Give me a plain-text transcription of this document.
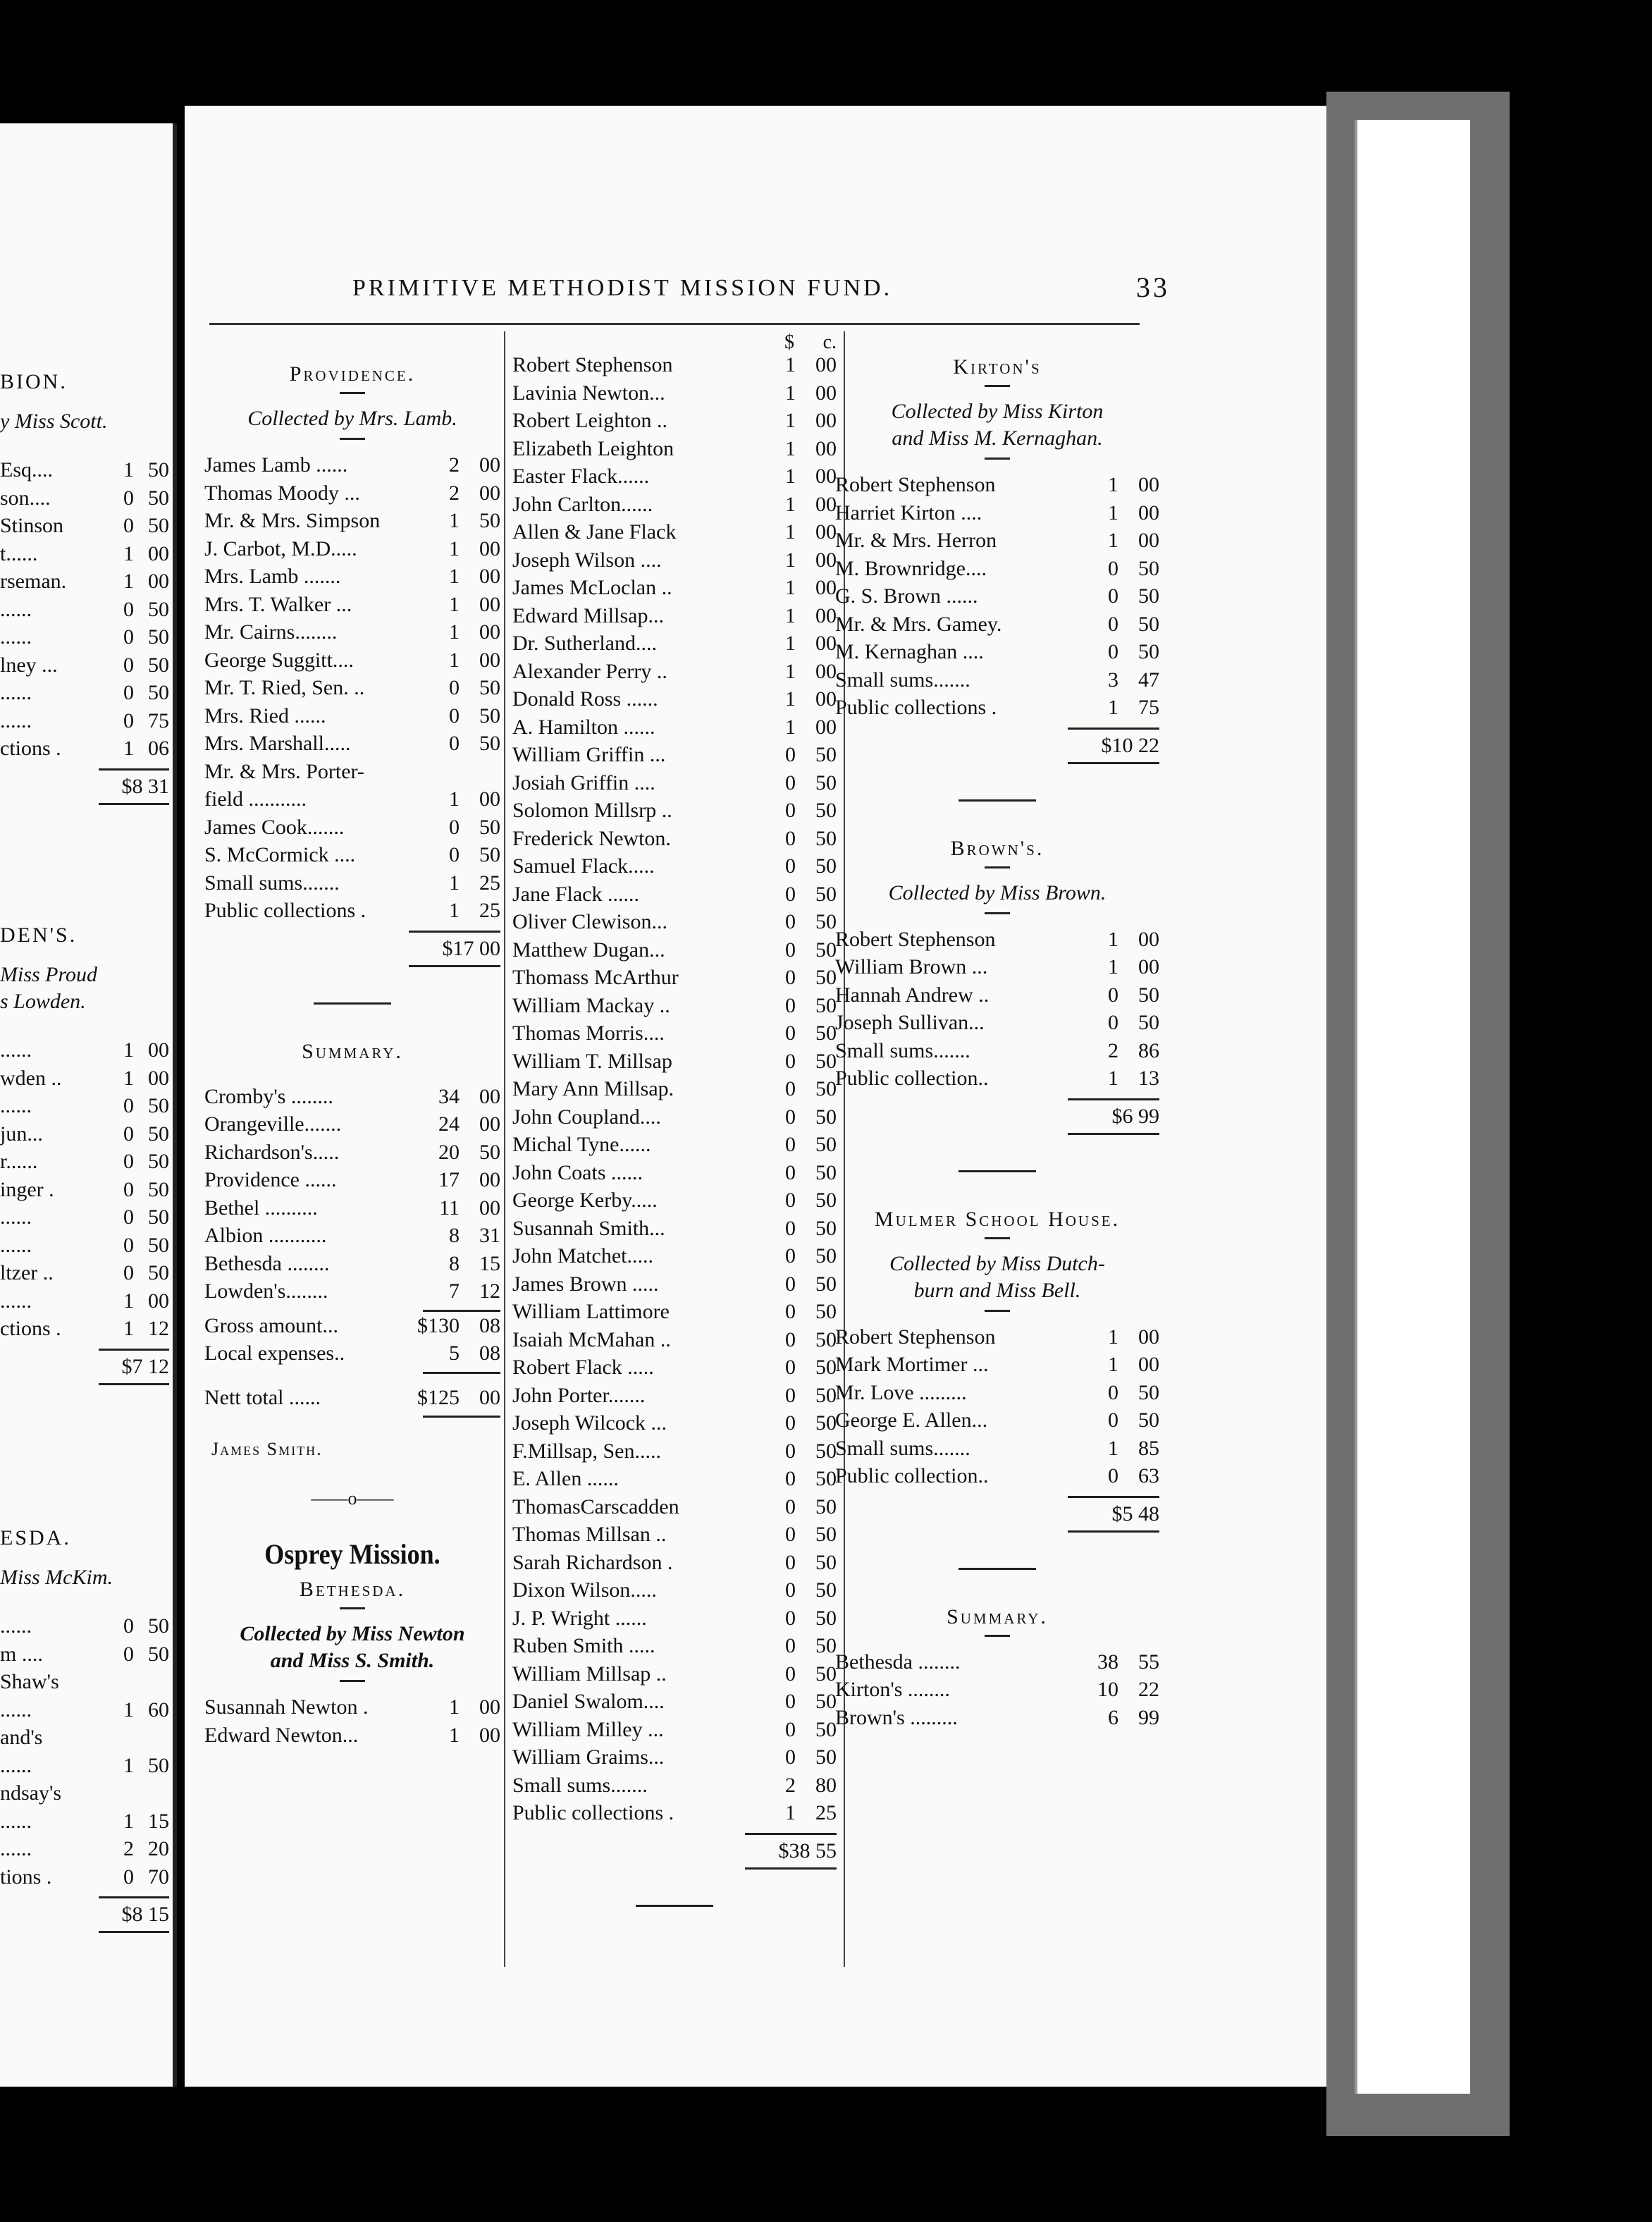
BION.
y Miss Scott.
Esq....	1 50
son....	0 50
Stinson	0 50
t......	1 00
rseman.	1 00
......	0 50
......	0 50
lney ...	0 50
......	0 50
......	0 75
ctions .	1 06
$8 31
DEN'S.
Miss Proud
s Lowden.
......	1 00
wden ..	1 00
......	0 50
jun...	0 50
r......	0 50
inger .	0 50
......	0 50
......	0 50
ltzer ..	0 50
......	1 00
ctions .	1 12
$7 12
ESDA.
Miss McKim.
......	0 50
m ....	0 50
Shaw's
......	1 60
and's
......	1 50
ndsay's
......	1 15
......	2 20
tions .	0 70
$8 15
PRIMITIVE METHODIST MISSION FUND.	33
Providence.
Collected by Mrs. Lamb.
James Lamb ......	2 00
Thomas Moody ...	2 00
Mr. & Mrs. Simpson	1 50
J. Carbot, M.D.....	1 00
Mrs. Lamb .......	1 00
Mrs. T. Walker ...	1 00
Mr. Cairns........	1 00
George Suggitt....	1 00
Mr. T. Ried, Sen. ..	0 50
Mrs. Ried ......	0 50
Mrs. Marshall.....	0 50
Mr. & Mrs. Porter-
field ...........	1 00
James Cook.......	0 50
S. McCormick ....	0 50
Small sums.......	1 25
Public collections .	1 25
$17 00
Summary.
Cromby's ........	34 00
Orangeville.......	24 00
Richardson's.....	20 50
Providence ......	17 00
Bethel ..........	11 00
Albion ...........	8 31
Bethesda ........	8 15
Lowden's........	7 12
Gross amount...	$130 08
Local expenses..	5 08
Nett total ......	$125 00
James Smith.
——o——
Osprey Mission.
Bethesda.
Collected by Miss Newton
and Miss S. Smith.
Susannah Newton .	1 00
Edward Newton...	1 00
$	c.
Robert Stephenson	1 00
Lavinia Newton...	1 00
Robert Leighton ..	1 00
Elizabeth Leighton	1 00
Easter Flack......	1 00
John Carlton......	1 00
Allen & Jane Flack	1 00
Joseph Wilson ....	1 00
James McLoclan ..	1 00
Edward Millsap...	1 00
Dr. Sutherland....	1 00
Alexander Perry ..	1 00
Donald Ross ......	1 00
A. Hamilton ......	1 00
William Griffin ...	0 50
Josiah Griffin ....	0 50
Solomon Millsrp ..	0 50
Frederick Newton.	0 50
Samuel Flack.....	0 50
Jane Flack ......	0 50
Oliver Clewison...	0 50
Matthew Dugan...	0 50
Thomass McArthur	0 50
William Mackay ..	0 50
Thomas Morris....	0 50
William T. Millsap	0 50
Mary Ann Millsap.	0 50
John Coupland....	0 50
Michal Tyne......	0 50
John Coats ......	0 50
George Kerby.....	0 50
Susannah Smith...	0 50
John Matchet.....	0 50
James Brown .....	0 50
William Lattimore	0 50
Isaiah McMahan ..	0 50
Robert Flack .....	0 50
John Porter.......	0 50
Joseph Wilcock ...	0 50
F.Millsap, Sen.....	0 50
E. Allen ......	0 50
ThomasCarscadden	0 50
Thomas Millsan ..	0 50
Sarah Richardson .	0 50
Dixon Wilson.....	0 50
J. P. Wright ......	0 50
Ruben Smith .....	0 50
William Millsap ..	0 50
Daniel Swalom....	0 50
William Milley ...	0 50
William Graims...	0 50
Small sums.......	2 80
Public collections .	1 25
$38 55
Kirton's
Collected by Miss Kirton
and Miss M. Kernaghan.
Robert Stephenson	1 00
Harriet Kirton ....	1 00
Mr. & Mrs. Herron	1 00
M. Brownridge....	0 50
G. S. Brown ......	0 50
Mr. & Mrs. Gamey.	0 50
M. Kernaghan ....	0 50
Small sums.......	3 47
Public collections .	1 75
$10 22
Brown's.
Collected by Miss Brown.
Robert Stephenson	1 00
William Brown ...	1 00
Hannah Andrew ..	0 50
Joseph Sullivan...	0 50
Small sums.......	2 86
Public collection..	1 13
$6 99
Mulmer School House.
Collected by Miss Dutch-
burn and Miss Bell.
Robert Stephenson	1 00
Mark Mortimer ...	1 00
Mr. Love .........	0 50
George E. Allen...	0 50
Small sums.......	1 85
Public collection..	0 63
$5 48
Summary.
Bethesda ........	38 55
Kirton's ........	10 22
Brown's .........	6 99
